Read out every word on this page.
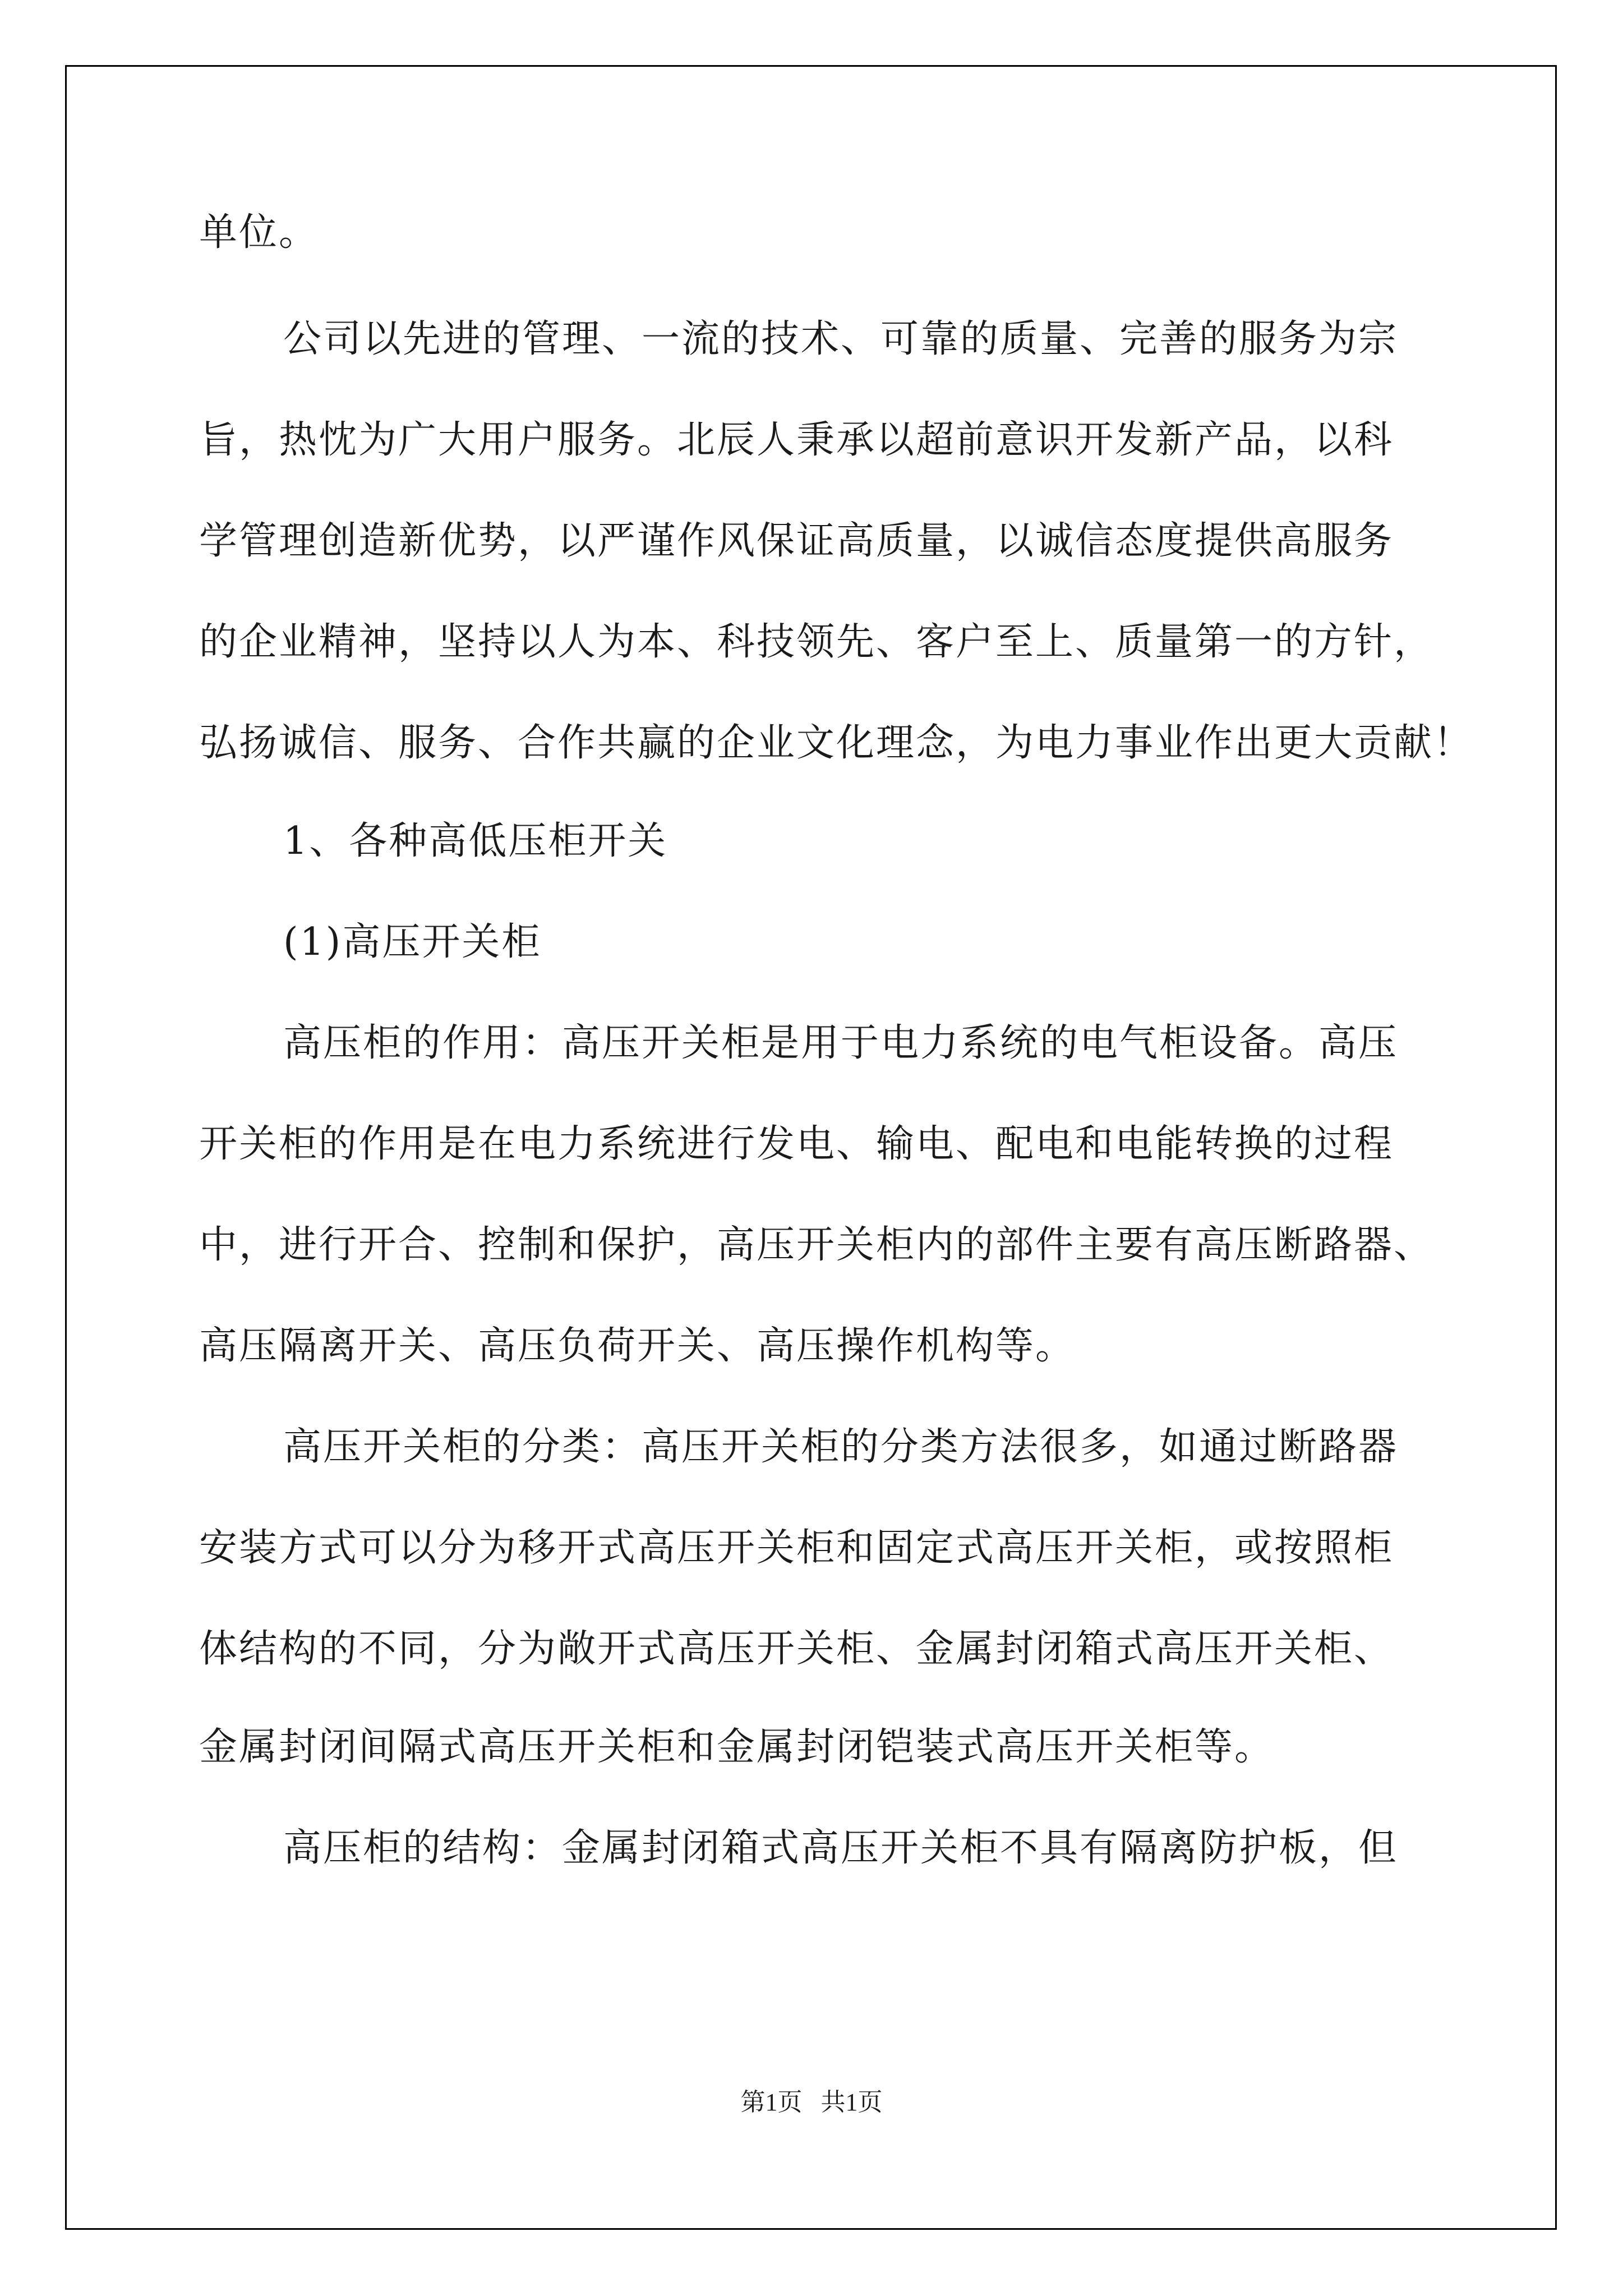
单位。

公司以先进的管理、一流的技术、可靠的质量、完善的服务为宗

旨，热忱为广大用户服务。北辰人秉承以超前意识开发新产品，以科

学管理创造新优势，以严谨作风保证高质量，以诚信态度提供高服务

的企业精神，坚持以人为本、科技领先、客户至上、质量第一的方针，

弘扬诚信、服务、合作共赢的企业文化理念，为电力事业作出更大贡献！

1、各种高低压柜开关

(1)高压开关柜

高压柜的作用：高压开关柜是用于电力系统的电气柜设备。高压

开关柜的作用是在电力系统进行发电、输电、配电和电能转换的过程

中，进行开合、控制和保护，高压开关柜内的部件主要有高压断路器、

高压隔离开关、高压负荷开关、高压操作机构等。

高压开关柜的分类：高压开关柜的分类方法很多，如通过断路器

安装方式可以分为移开式高压开关柜和固定式高压开关柜，或按照柜

体结构的不同，分为敞开式高压开关柜、金属封闭箱式高压开关柜、

金属封闭间隔式高压开关柜和金属封闭铠装式高压开关柜等。

高压柜的结构：金属封闭箱式高压开关柜不具有隔离防护板，但

第1页   共1页
